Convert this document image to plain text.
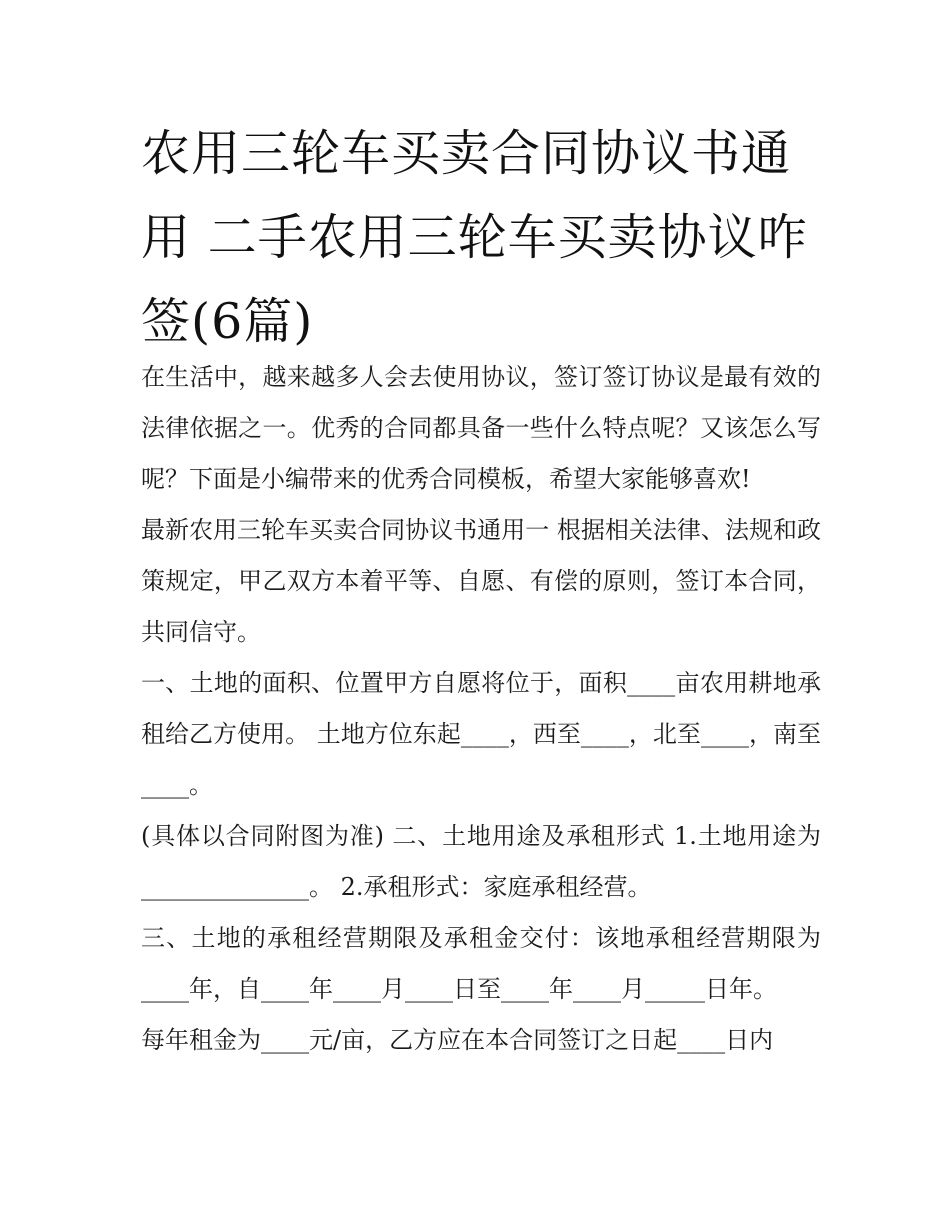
农用三轮车买卖合同协议书通用 二手农用三轮车买卖协议咋签(6篇)

在生活中，越来越多人会去使用协议，签订签订协议是最有效的法律依据之一。优秀的合同都具备一些什么特点呢？又该怎么写呢？下面是小编带来的优秀合同模板，希望大家能够喜欢!

最新农用三轮车买卖合同协议书通用一 根据相关法律、法规和政策规定，甲乙双方本着平等、自愿、有偿的原则，签订本合同，共同信守。

一、土地的面积、位置甲方自愿将位于，面积____亩农用耕地承租给乙方使用。 土地方位东起____，西至____，北至____，南至____。

(具体以合同附图为准) 二、土地用途及承租形式 1.土地用途为______________。 2.承租形式：家庭承租经营。

三、土地的承租经营期限及承租金交付：该地承租经营期限为____年，自____年____月____日至____年____月_____日年。

每年租金为____元/亩，乙方应在本合同签订之日起____日内
